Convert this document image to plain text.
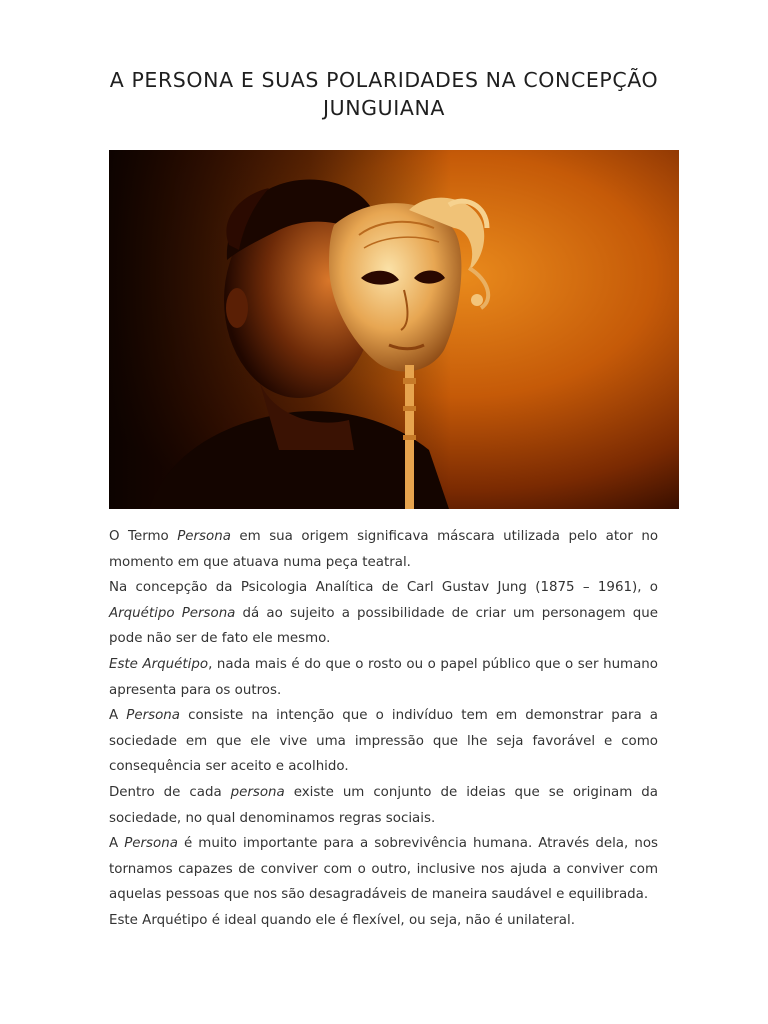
A PERSONA E SUAS POLARIDADES NA CONCEPÇÃO JUNGUIANA

O Termo Persona em sua origem significava máscara utilizada pelo ator no momento em que atuava numa peça teatral.

Na concepção da Psicologia Analítica de Carl Gustav Jung (1875 – 1961), o Arquétipo Persona dá ao sujeito a possibilidade de criar um personagem que pode não ser de fato ele mesmo.

Este Arquétipo, nada mais é do que o rosto ou o papel público que o ser humano apresenta para os outros.

A Persona consiste na intenção que o indivíduo tem em demonstrar para a sociedade em que ele vive uma impressão que lhe seja favorável e como consequência ser aceito e acolhido.

Dentro de cada persona existe um conjunto de ideias que se originam da sociedade, no qual denominamos regras sociais.

A Persona é muito importante para a sobrevivência humana. Através dela, nos tornamos capazes de conviver com o outro, inclusive nos ajuda a conviver com aquelas pessoas que nos são desagradáveis de maneira saudável e equilibrada.

Este Arquétipo é ideal quando ele é flexível, ou seja, não é unilateral.
